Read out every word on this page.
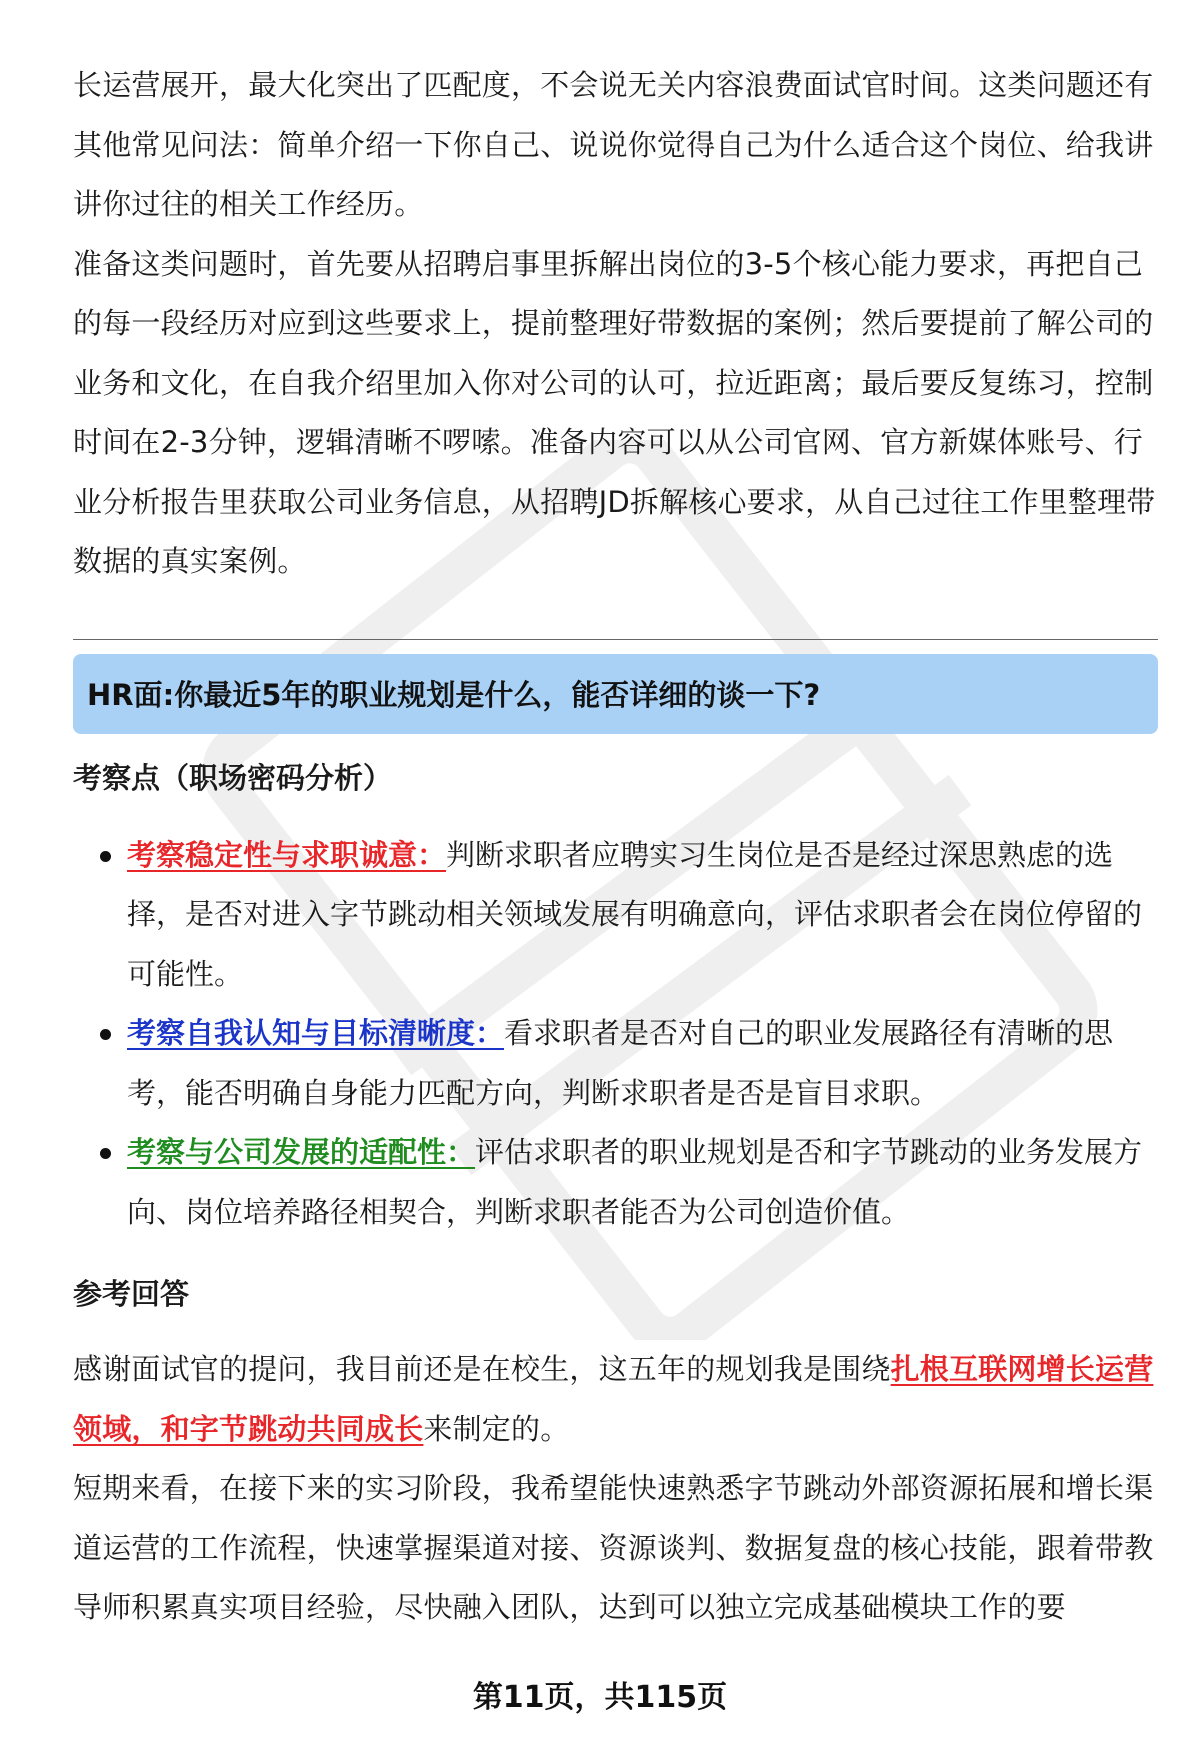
长运营展开，最大化突出了匹配度，不会说无关内容浪费面试官时间。这类问题还有其他常见问法：简单介绍一下你自己、说说你觉得自己为什么适合这个岗位、给我讲讲你过往的相关工作经历。

准备这类问题时，首先要从招聘启事里拆解出岗位的3-5个核心能力要求，再把自己的每一段经历对应到这些要求上，提前整理好带数据的案例；然后要提前了解公司的业务和文化，在自我介绍里加入你对公司的认可，拉近距离；最后要反复练习，控制时间在2-3分钟，逻辑清晰不啰嗦。准备内容可以从公司官网、官方新媒体账号、行业分析报告里获取公司业务信息，从招聘JD拆解核心要求，从自己过往工作里整理带数据的真实案例。

HR面:你最近5年的职业规划是什么，能否详细的谈一下?

考察点（职场密码分析）

考察稳定性与求职诚意：判断求职者应聘实习生岗位是否是经过深思熟虑的选择，是否对进入字节跳动相关领域发展有明确意向，评估求职者会在岗位停留的可能性。
考察自我认知与目标清晰度：看求职者是否对自己的职业发展路径有清晰的思考，能否明确自身能力匹配方向，判断求职者是否是盲目求职。
考察与公司发展的适配性：评估求职者的职业规划是否和字节跳动的业务发展方向、岗位培养路径相契合，判断求职者能否为公司创造价值。

参考回答

感谢面试官的提问，我目前还是在校生，这五年的规划我是围绕扎根互联网增长运营领域，和字节跳动共同成长来制定的。

短期来看，在接下来的实习阶段，我希望能快速熟悉字节跳动外部资源拓展和增长渠道运营的工作流程，快速掌握渠道对接、资源谈判、数据复盘的核心技能，跟着带教导师积累真实项目经验，尽快融入团队，达到可以独立完成基础模块工作的要

第11页，共115页
